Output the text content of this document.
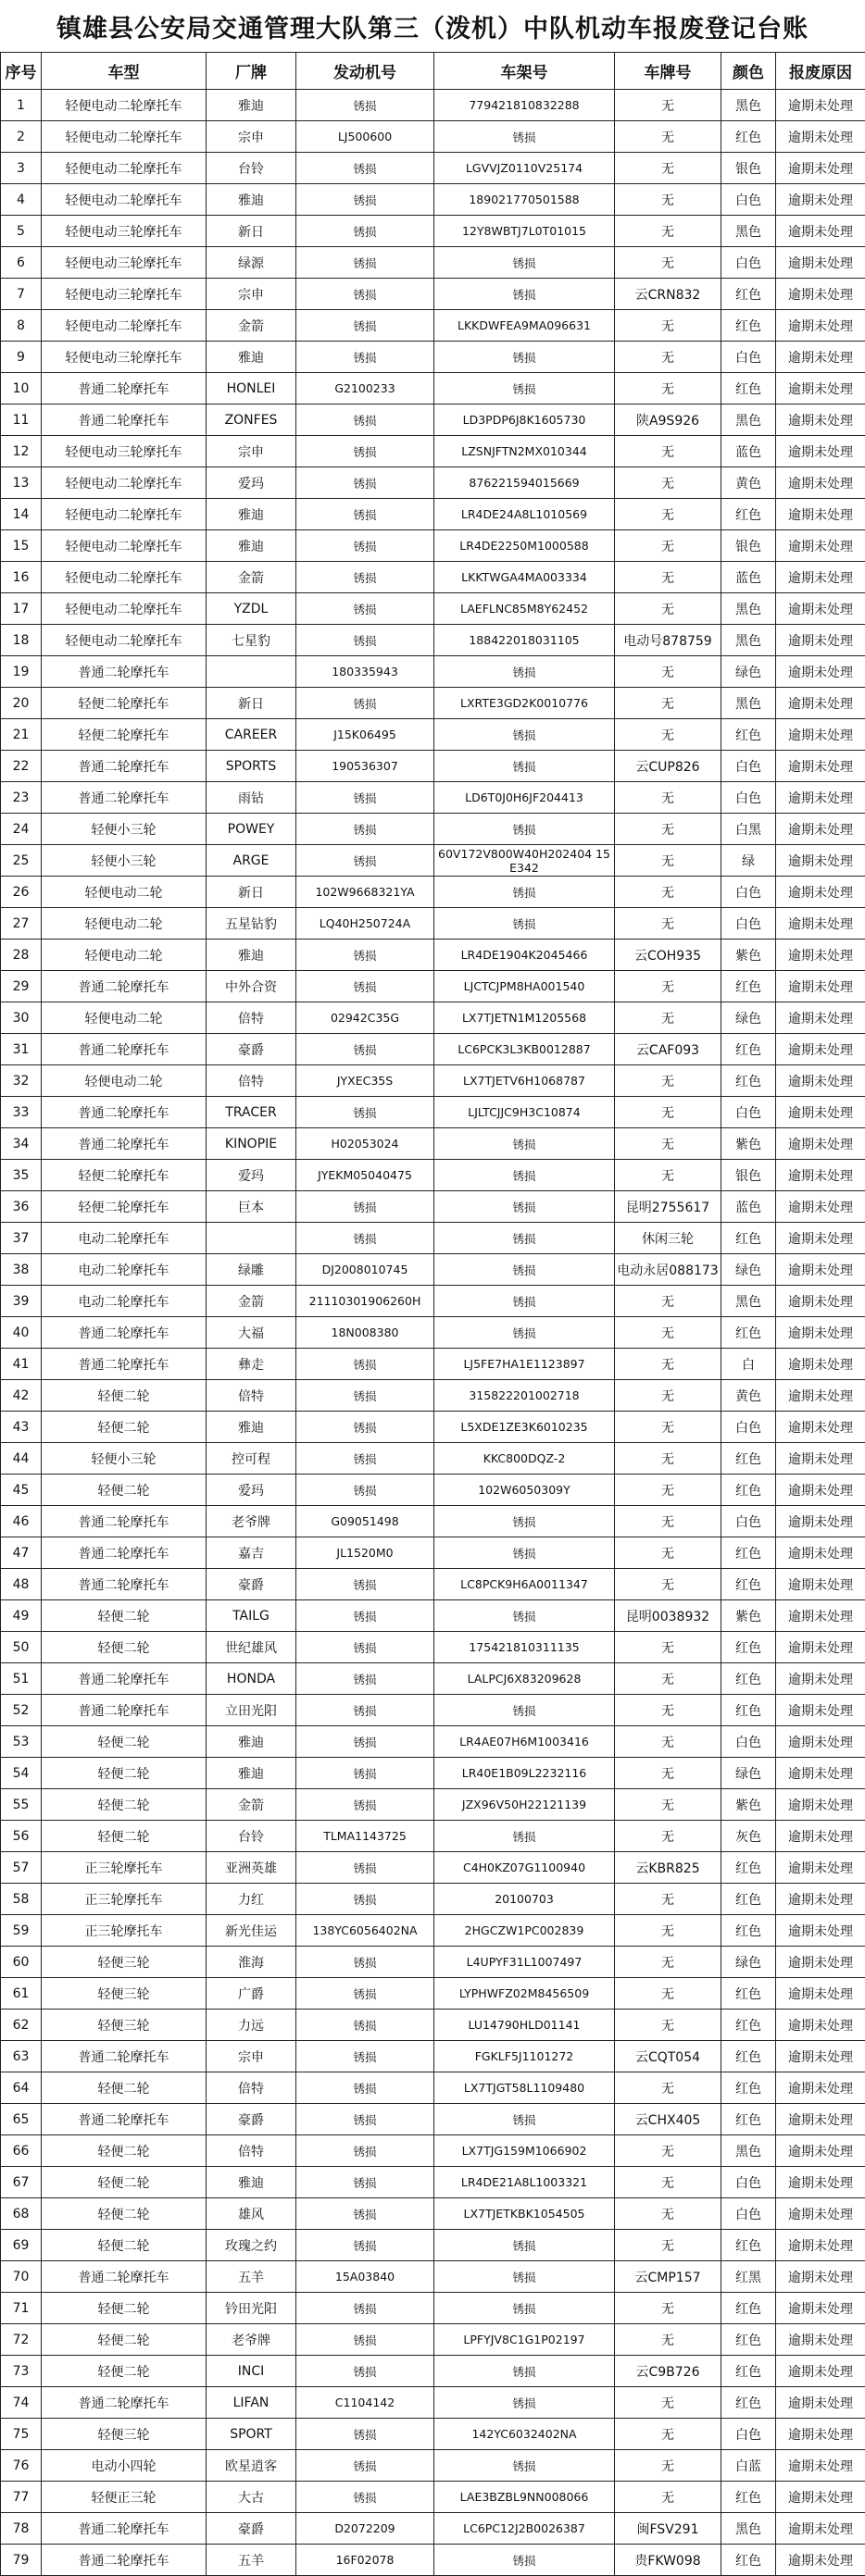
镇雄县公安局交通管理大队第三（泼机）中队机动车报废登记台账
序号	车型	厂牌	发动机号	车架号	车牌号	颜色	报废原因
1	轻便电动二轮摩托车	雅迪	锈损	779421810832288	无	黑色	逾期未处理
2	轻便电动二轮摩托车	宗申	LJ500600	锈损	无	红色	逾期未处理
3	轻便电动二轮摩托车	台铃	锈损	LGVVJZ0110V25174	无	银色	逾期未处理
4	轻便电动二轮摩托车	雅迪	锈损	189021770501588	无	白色	逾期未处理
5	轻便电动三轮摩托车	新日	锈损	12Y8WBTJ7L0T01015	无	黑色	逾期未处理
6	轻便电动三轮摩托车	绿源	锈损	锈损	无	白色	逾期未处理
7	轻便电动三轮摩托车	宗申	锈损	锈损	云CRN832	红色	逾期未处理
8	轻便电动二轮摩托车	金箭	锈损	LKKDWFEA9MA096631	无	红色	逾期未处理
9	轻便电动三轮摩托车	雅迪	锈损	锈损	无	白色	逾期未处理
10	普通二轮摩托车	HONLEI	G2100233	锈损	无	红色	逾期未处理
11	普通二轮摩托车	ZONFES	锈损	LD3PDP6J8K1605730	陕A9S926	黑色	逾期未处理
12	轻便电动三轮摩托车	宗申	锈损	LZSNJFTN2MX010344	无	蓝色	逾期未处理
13	轻便电动二轮摩托车	爱玛	锈损	876221594015669	无	黄色	逾期未处理
14	轻便电动二轮摩托车	雅迪	锈损	LR4DE24A8L1010569	无	红色	逾期未处理
15	轻便电动二轮摩托车	雅迪	锈损	LR4DE2250M1000588	无	银色	逾期未处理
16	轻便电动二轮摩托车	金箭	锈损	LKKTWGA4MA003334	无	蓝色	逾期未处理
17	轻便电动二轮摩托车	YZDL	锈损	LAEFLNC85M8Y62452	无	黑色	逾期未处理
18	轻便电动二轮摩托车	七星豹	锈损	188422018031105	电动号878759	黑色	逾期未处理
19	普通二轮摩托车		180335943	锈损	无	绿色	逾期未处理
20	轻便二轮摩托车	新日	锈损	LXRTE3GD2K0010776	无	黑色	逾期未处理
21	轻便二轮摩托车	CAREER	J15K06495	锈损	无	红色	逾期未处理
22	普通二轮摩托车	SPORTS	190536307	锈损	云CUP826	白色	逾期未处理
23	普通二轮摩托车	雨钻	锈损	LD6T0J0H6JF204413	无	白色	逾期未处理
24	轻便小三轮	POWEY	锈损	锈损	无	白黑	逾期未处理
25	轻便小三轮	ARGE	锈损	60V172V800W40H202404 15E342	无	绿	逾期未处理
26	轻便电动二轮	新日	102W9668321YA	锈损	无	白色	逾期未处理
27	轻便电动二轮	五星钻豹	LQ40H250724A	锈损	无	白色	逾期未处理
28	轻便电动二轮	雅迪	锈损	LR4DE1904K2045466	云COH935	紫色	逾期未处理
29	普通二轮摩托车	中外合资	锈损	LJCTCJPM8HA001540	无	红色	逾期未处理
30	轻便电动二轮	倍特	02942C35G	LX7TJETN1M1205568	无	绿色	逾期未处理
31	普通二轮摩托车	豪爵	锈损	LC6PCK3L3KB0012887	云CAF093	红色	逾期未处理
32	轻便电动二轮	倍特	JYXEC35S	LX7TJETV6H1068787	无	红色	逾期未处理
33	普通二轮摩托车	TRACER	锈损	LJLTCJJC9H3C10874	无	白色	逾期未处理
34	普通二轮摩托车	KINOPIE	H02053024	锈损	无	紫色	逾期未处理
35	轻便二轮摩托车	爱玛	JYEKM05040475	锈损	无	银色	逾期未处理
36	轻便二轮摩托车	巨本	锈损	锈损	昆明2755617	蓝色	逾期未处理
37	电动二轮摩托车		锈损	锈损	休闲三轮	红色	逾期未处理
38	电动二轮摩托车	绿雕	DJ2008010745	锈损	电动永居088173	绿色	逾期未处理
39	电动二轮摩托车	金箭	21110301906260H	锈损	无	黑色	逾期未处理
40	普通二轮摩托车	大福	18N008380	锈损	无	红色	逾期未处理
41	普通二轮摩托车	彝走	锈损	LJ5FE7HA1E1123897	无	白	逾期未处理
42	轻便二轮	倍特	锈损	315822201002718	无	黄色	逾期未处理
43	轻便二轮	雅迪	锈损	L5XDE1ZE3K6010235	无	白色	逾期未处理
44	轻便小三轮	控可程	锈损	KKC800DQZ-2	无	红色	逾期未处理
45	轻便二轮	爱玛	锈损	102W6050309Y	无	红色	逾期未处理
46	普通二轮摩托车	老爷牌	G09051498	锈损	无	白色	逾期未处理
47	普通二轮摩托车	嘉吉	JL1520M0	锈损	无	红色	逾期未处理
48	普通二轮摩托车	豪爵	锈损	LC8PCK9H6A0011347	无	红色	逾期未处理
49	轻便二轮	TAILG	锈损	锈损	昆明0038932	紫色	逾期未处理
50	轻便二轮	世纪雄风	锈损	175421810311135	无	红色	逾期未处理
51	普通二轮摩托车	HONDA	锈损	LALPCJ6X83209628	无	红色	逾期未处理
52	普通二轮摩托车	立田光阳	锈损	锈损	无	红色	逾期未处理
53	轻便二轮	雅迪	锈损	LR4AE07H6M1003416	无	白色	逾期未处理
54	轻便二轮	雅迪	锈损	LR40E1B09L2232116	无	绿色	逾期未处理
55	轻便二轮	金箭	锈损	JZX96V50H22121139	无	紫色	逾期未处理
56	轻便二轮	台铃	TLMA1143725	锈损	无	灰色	逾期未处理
57	正三轮摩托车	亚洲英雄	锈损	C4H0KZ07G1100940	云KBR825	红色	逾期未处理
58	正三轮摩托车	力红	锈损	20100703	无	红色	逾期未处理
59	正三轮摩托车	新光佳运	138YC6056402NA	2HGCZW1PC002839	无	红色	逾期未处理
60	轻便三轮	淮海	锈损	L4UPYF31L1007497	无	绿色	逾期未处理
61	轻便三轮	广爵	锈损	LYPHWFZ02M8456509	无	红色	逾期未处理
62	轻便三轮	力远	锈损	LU14790HLD01141	无	红色	逾期未处理
63	普通二轮摩托车	宗申	锈损	FGKLF5J1101272	云CQT054	红色	逾期未处理
64	轻便二轮	倍特	锈损	LX7TJGT58L1109480	无	红色	逾期未处理
65	普通二轮摩托车	豪爵	锈损	锈损	云CHX405	红色	逾期未处理
66	轻便二轮	倍特	锈损	LX7TJG159M1066902	无	黑色	逾期未处理
67	轻便二轮	雅迪	锈损	LR4DE21A8L1003321	无	白色	逾期未处理
68	轻便二轮	雄风	锈损	LX7TJETKBK1054505	无	白色	逾期未处理
69	轻便二轮	玫瑰之约	锈损	锈损	无	红色	逾期未处理
70	普通二轮摩托车	五羊	15A03840	锈损	云CMP157	红黑	逾期未处理
71	轻便二轮	钤田光阳	锈损	锈损	无	红色	逾期未处理
72	轻便二轮	老爷牌	锈损	LPFYJV8C1G1P02197	无	红色	逾期未处理
73	轻便二轮	INCI	锈损	锈损	云C9B726	红色	逾期未处理
74	普通二轮摩托车	LIFAN	C1104142	锈损	无	红色	逾期未处理
75	轻便三轮	SPORT	锈损	142YC6032402NA	无	白色	逾期未处理
76	电动小四轮	欧星逍客	锈损	锈损	无	白蓝	逾期未处理
77	轻便正三轮	大古	锈损	LAE3BZBL9NN008066	无	红色	逾期未处理
78	普通二轮摩托车	豪爵	D2072209	LC6PC12J2B0026387	闽FSV291	黑色	逾期未处理
79	普通二轮摩托车	五羊	16F02078	锈损	贵FKW098	红色	逾期未处理
